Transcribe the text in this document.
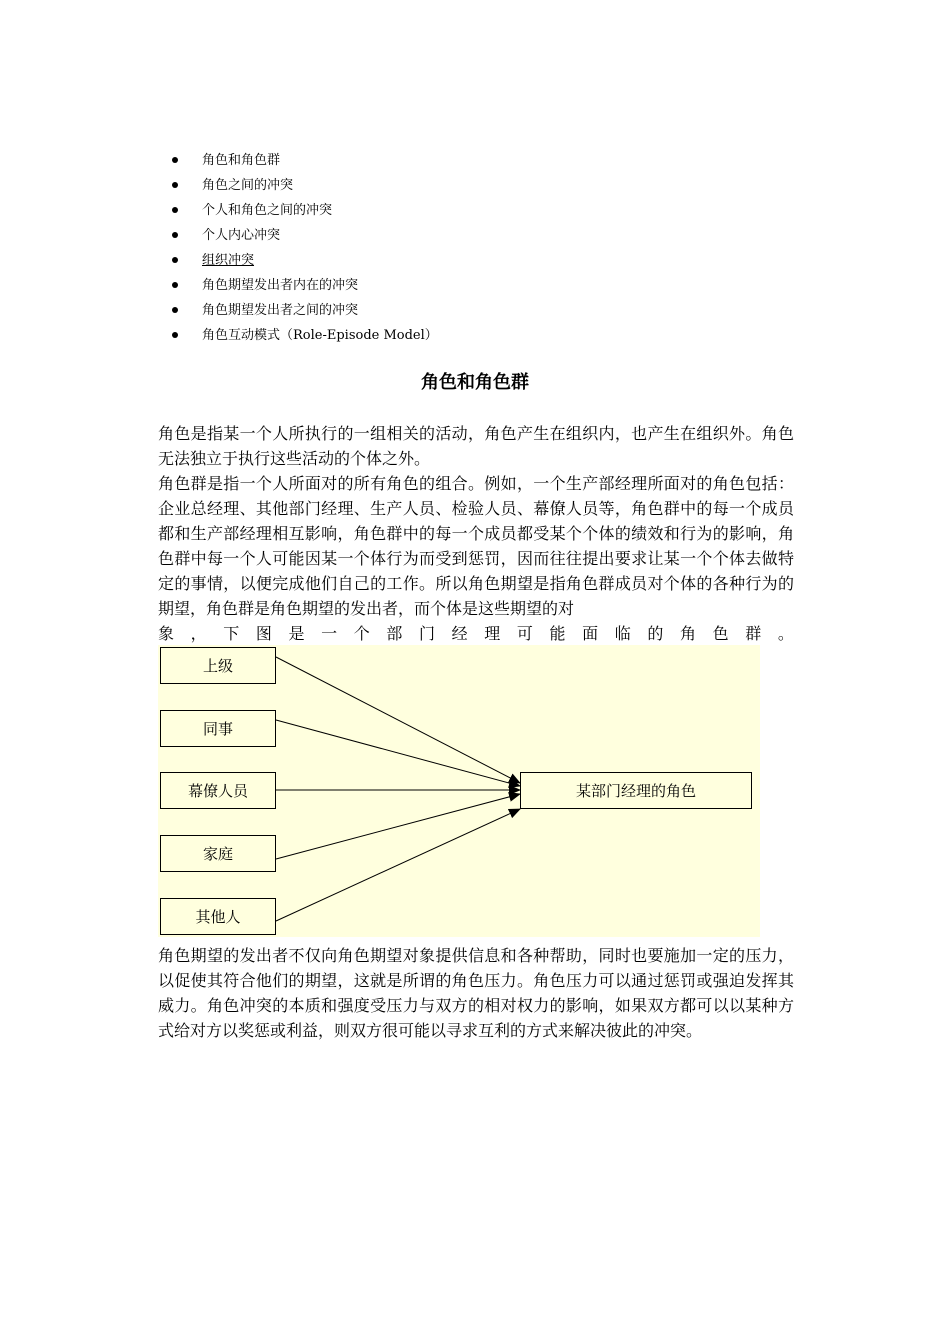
角色和角色群
角色之间的冲突
个人和角色之间的冲突
个人内心冲突
组织冲突
角色期望发出者内在的冲突
角色期望发出者之间的冲突
角色互动模式（Role-Episode Model）
角色和角色群

角色是指某一个人所执行的一组相关的活动，角色产生在组织内，也产生在组织外。角色无法独立于执行这些活动的个体之外。

角色群是指一个人所面对的所有角色的组合。例如，一个生产部经理所面对的角色包括：企业总经理、其他部门经理、生产人员、检验人员、幕僚人员等，角色群中的每一个成员都和生产部经理相互影响，角色群中的每一个成员都受某个个体的绩效和行为的影响，角色群中每一个人可能因某一个体行为而受到惩罚，因而往往提出要求让某一个个体去做特定的事情，以便完成他们自己的工作。所以角色期望是指角色群成员对个体的各种行为的期望，角色群是角色期望的发出者，而个体是这些期望的对
象 ， 下 图 是 一 个 部 门 经 理 可 能 面 临 的 角 色 群 。
上级
同事
幕僚人员
家庭
其他人
某部门经理的角色

角色期望的发出者不仅向角色期望对象提供信息和各种帮助，同时也要施加一定的压力，以促使其符合他们的期望，这就是所谓的角色压力。角色压力可以通过惩罚或强迫发挥其威力。角色冲突的本质和强度受压力与双方的相对权力的影响，如果双方都可以以某种方式给对方以奖惩或利益，则双方很可能以寻求互利的方式来解决彼此的冲突。
